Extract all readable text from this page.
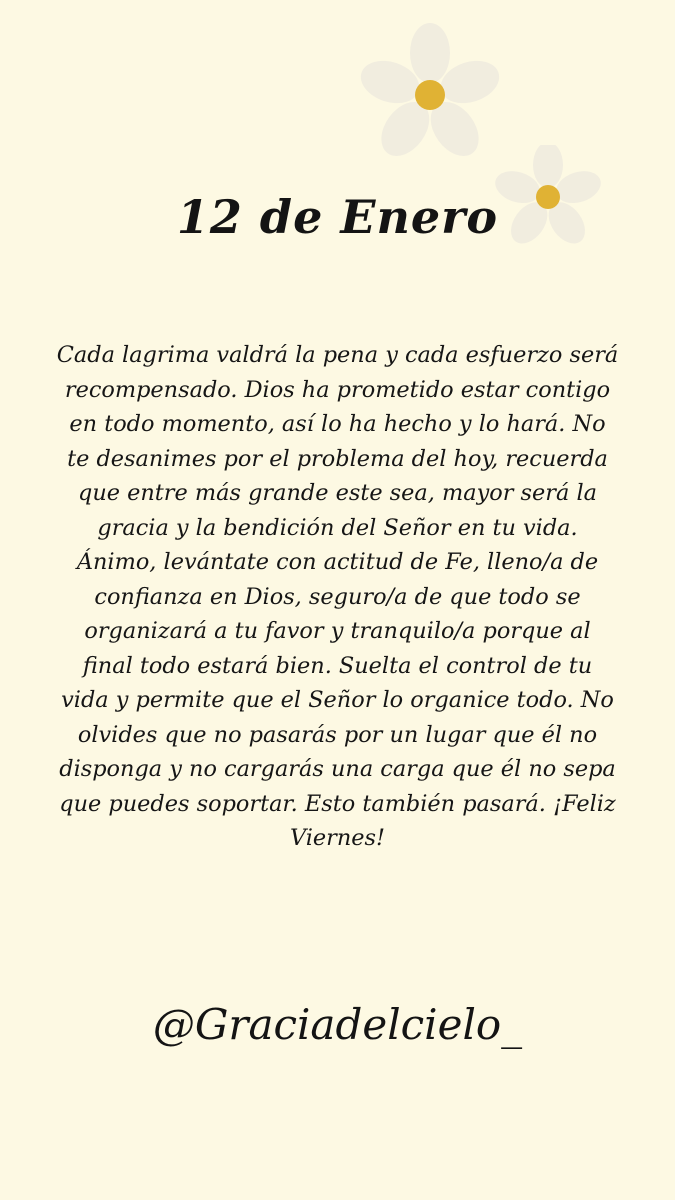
12 de Enero

Cada lagrima valdrá la pena y cada esfuerzo será recompensado. Dios ha prometido estar contigo en todo momento, así lo ha hecho y lo hará. No te desanimes por el problema del hoy, recuerda que entre más grande este sea, mayor será la gracia y la bendición del Señor en tu vida. Ánimo, levántate con actitud de Fe, lleno/a de confianza en Dios, seguro/a de que todo se organizará a tu favor y tranquilo/a porque al final todo estará bien. Suelta el control de tu vida y permite que el Señor lo organice todo. No olvides que no pasarás por un lugar que él no disponga y no cargarás una carga que él no sepa que puedes soportar. Esto también pasará. ¡Feliz Viernes!

@Graciadelcielo_
